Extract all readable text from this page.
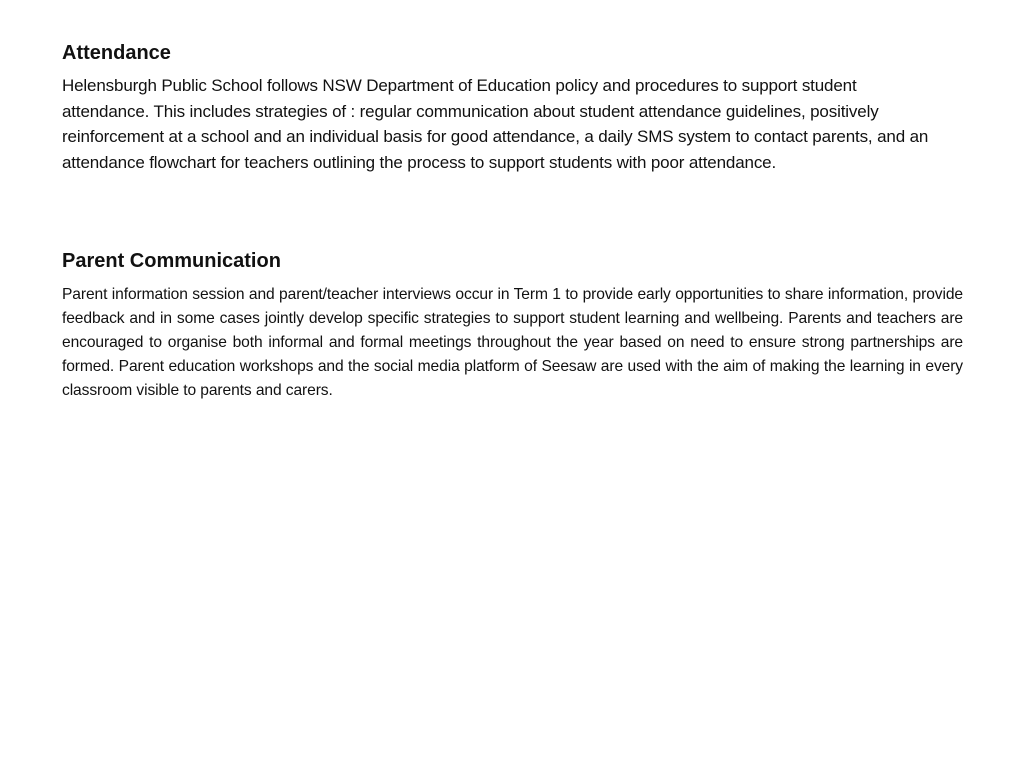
Attendance

Helensburgh Public School follows NSW Department of Education policy and procedures to support student attendance. This includes strategies of : regular communication about student attendance guidelines, positively reinforcement at a school and an individual basis for good attendance, a daily SMS system to contact parents, and an attendance flowchart for teachers outlining the process to support students with poor attendance.

Parent Communication

Parent information session and parent/teacher interviews occur in Term 1 to provide early opportunities to share information, provide feedback and in some cases jointly develop specific strategies to support student learning and wellbeing. Parents and teachers are encouraged to organise both informal and formal meetings throughout the year based on need to ensure strong partnerships are formed. Parent education workshops and the social media platform of Seesaw are used with the aim of making the learning in every classroom visible to parents and carers.
